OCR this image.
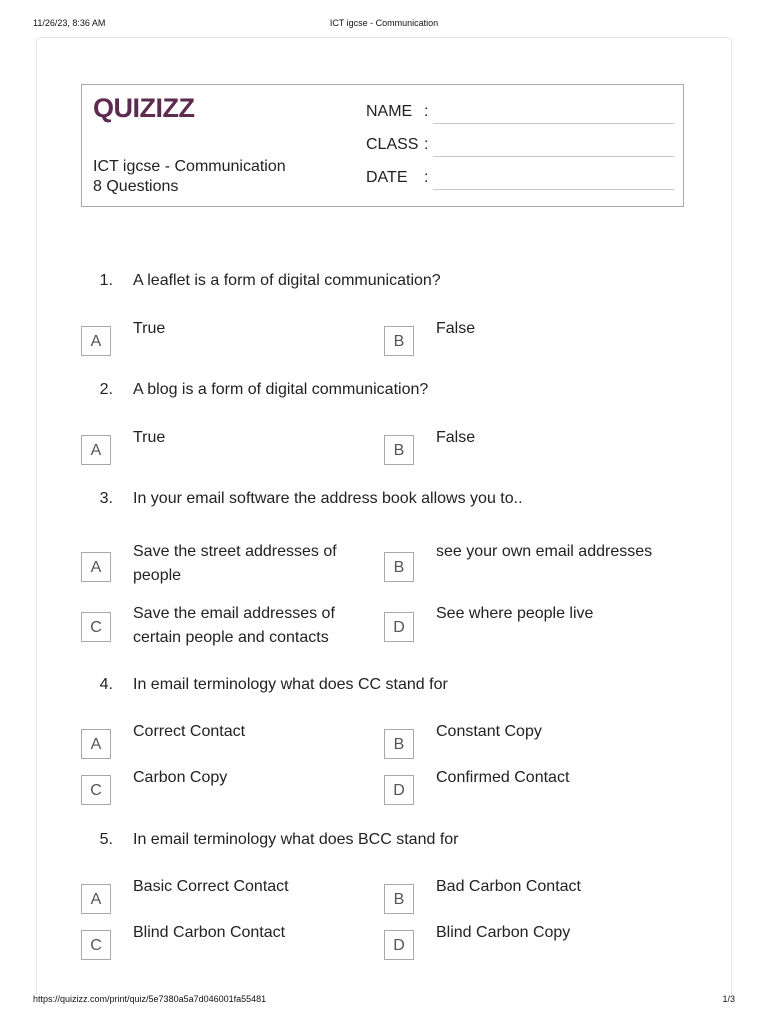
11/26/23, 8:36 AM	ICT igcse - Communication
QUIZIZZ
ICT igcse - Communication
8 Questions
NAME :
CLASS :
DATE :
1. A leaflet is a form of digital communication?
A
True
B
False
2. A blog is a form of digital communication?
A
True
B
False
3. In your email software the address book allows you to..
A
Save the street addresses of people	B
see your own email addresses
C
Save the email addresses of certain people and contacts
D
See where people live
4. In email terminology what does CC stand for
A
Correct Contact
B
Constant Copy
C
Carbon Copy
D
Confirmed Contact
5. In email terminology what does BCC stand for
A
Basic Correct Contact
B
Bad Carbon Contact
C
Blind Carbon Contact
D
Blind Carbon Copy
https://quizizz.com/print/quiz/5e7380a5a7d046001fa55481	1/3
